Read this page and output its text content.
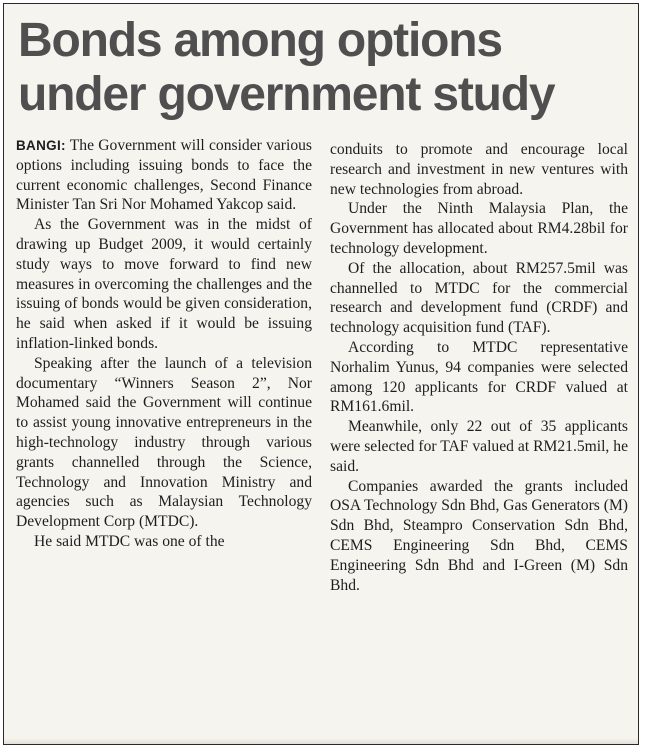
Bonds among options under government study

BANGI: The Government will consider various options including issuing bonds to face the current economic challenges, Second Finance Minister Tan Sri Nor Mohamed Yakcop said.

As the Government was in the midst of drawing up Budget 2009, it would certainly study ways to move forward to find new measures in overcoming the challenges and the issuing of bonds would be given consideration, he said when asked if it would be issuing inflation-linked bonds.

Speaking after the launch of a television documentary “Winners Season 2”, Nor Mohamed said the Government will continue to assist young innovative entrepreneurs in the high-technology industry through various grants channelled through the Science, Technology and Innovation Ministry and agencies such as Malaysian Technology Development Corp (MTDC).

He said MTDC was one of the

conduits to promote and encourage local research and investment in new ventures with new technologies from abroad.

Under the Ninth Malaysia Plan, the Government has allocated about RM4.28bil for technology development.

Of the allocation, about RM257.5mil was channelled to MTDC for the commercial research and development fund (CRDF) and technology acquisition fund (TAF).

According to MTDC representative Norhalim Yunus, 94 companies were selected among 120 applicants for CRDF valued at RM161.6mil.

Meanwhile, only 22 out of 35 applicants were selected for TAF valued at RM21.5mil, he said.

Companies awarded the grants included OSA Technology Sdn Bhd, Gas Generators (M) Sdn Bhd, Steampro Conservation Sdn Bhd, CEMS Engineering Sdn Bhd, CEMS Engineering Sdn Bhd and I-Green (M) Sdn Bhd.
